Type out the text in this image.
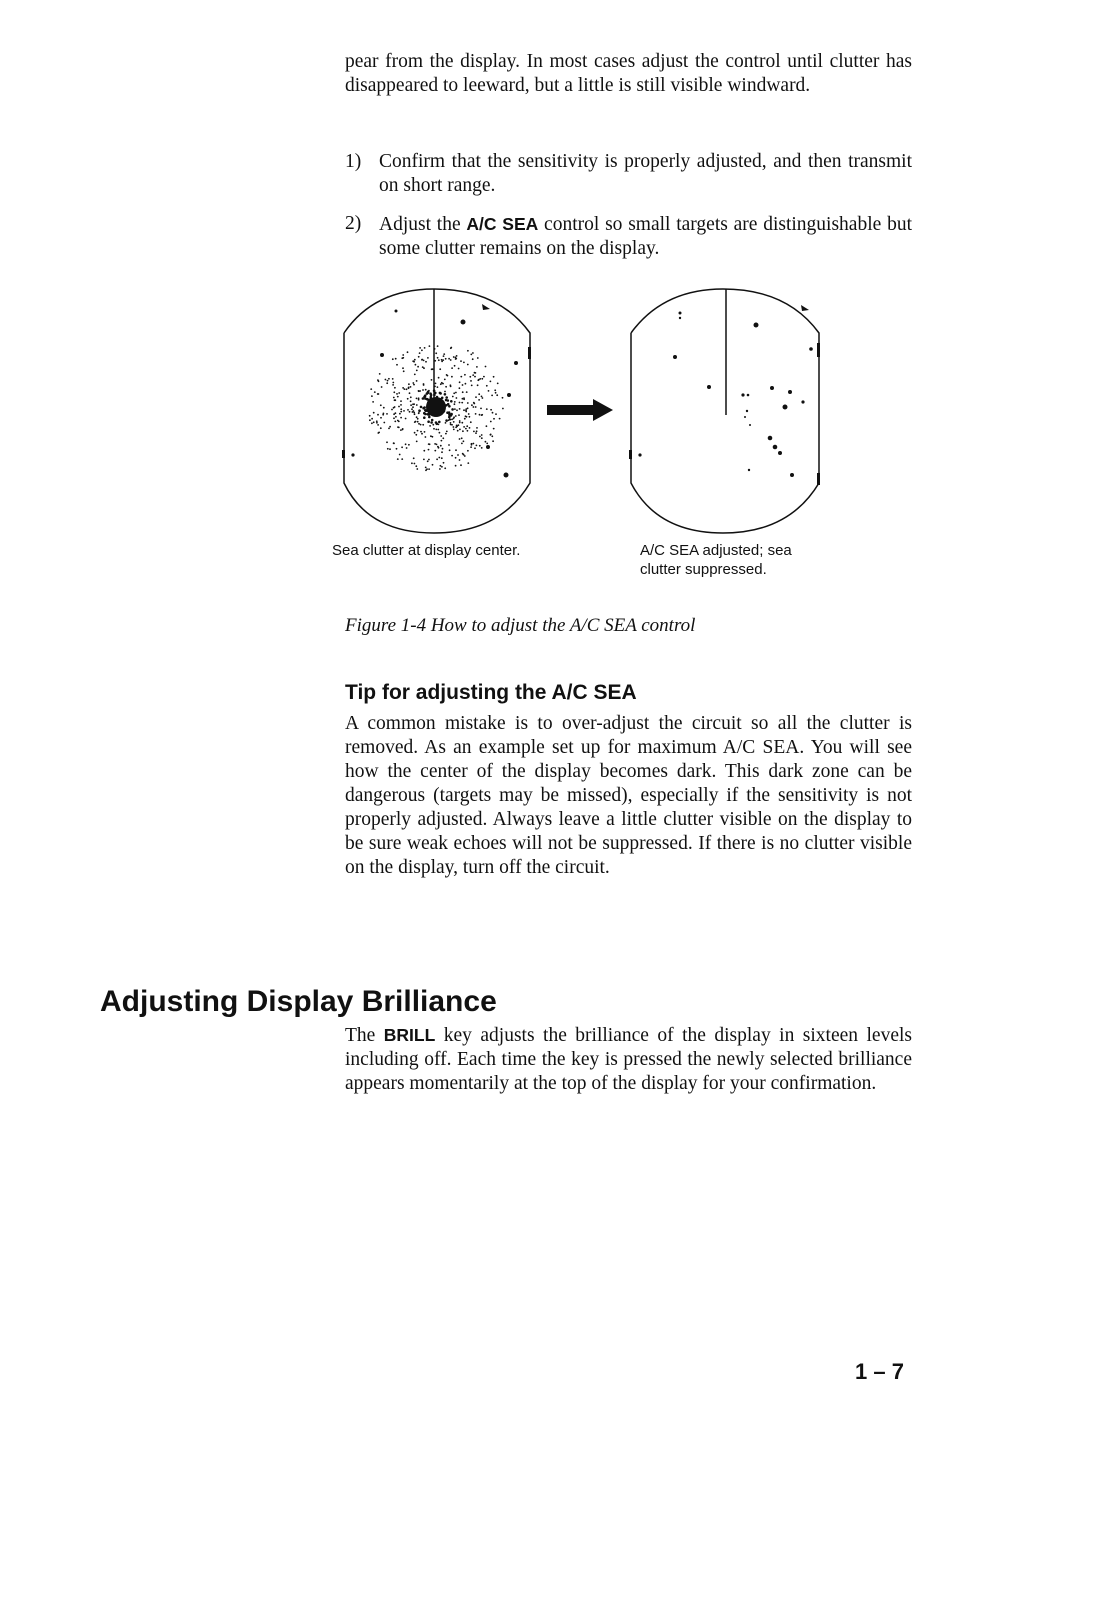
pear from the display. In most cases adjust the control until clutter has disappeared to leeward, but a little is still visible windward.

1) Confirm that the sensitivity is properly adjusted, and then transmit on short range.

2) Adjust the A/C SEA control so small targets are distinguishable but some clutter remains on the display.

Sea clutter at display center.	A/C SEA adjusted; sea clutter suppressed.
Figure 1-4 How to adjust the A/C SEA control
Tip for adjusting the A/C SEA

A common mistake is to over-adjust the circuit so all the clutter is removed. As an example set up for maximum A/C SEA. You will see how the center of the display becomes dark. This dark zone can be dangerous (targets may be missed), especially if the sensitivity is not properly adjusted. Always leave a little clutter visible on the display to be sure weak echoes will not be suppressed. If there is no clutter visible on the display, turn off the circuit.

Adjusting Display Brilliance

The BRILL key adjusts the brilliance of the display in sixteen levels including off. Each time the key is pressed the newly selected brilliance appears momentarily at the top of the display for your confirmation.

1 – 7
